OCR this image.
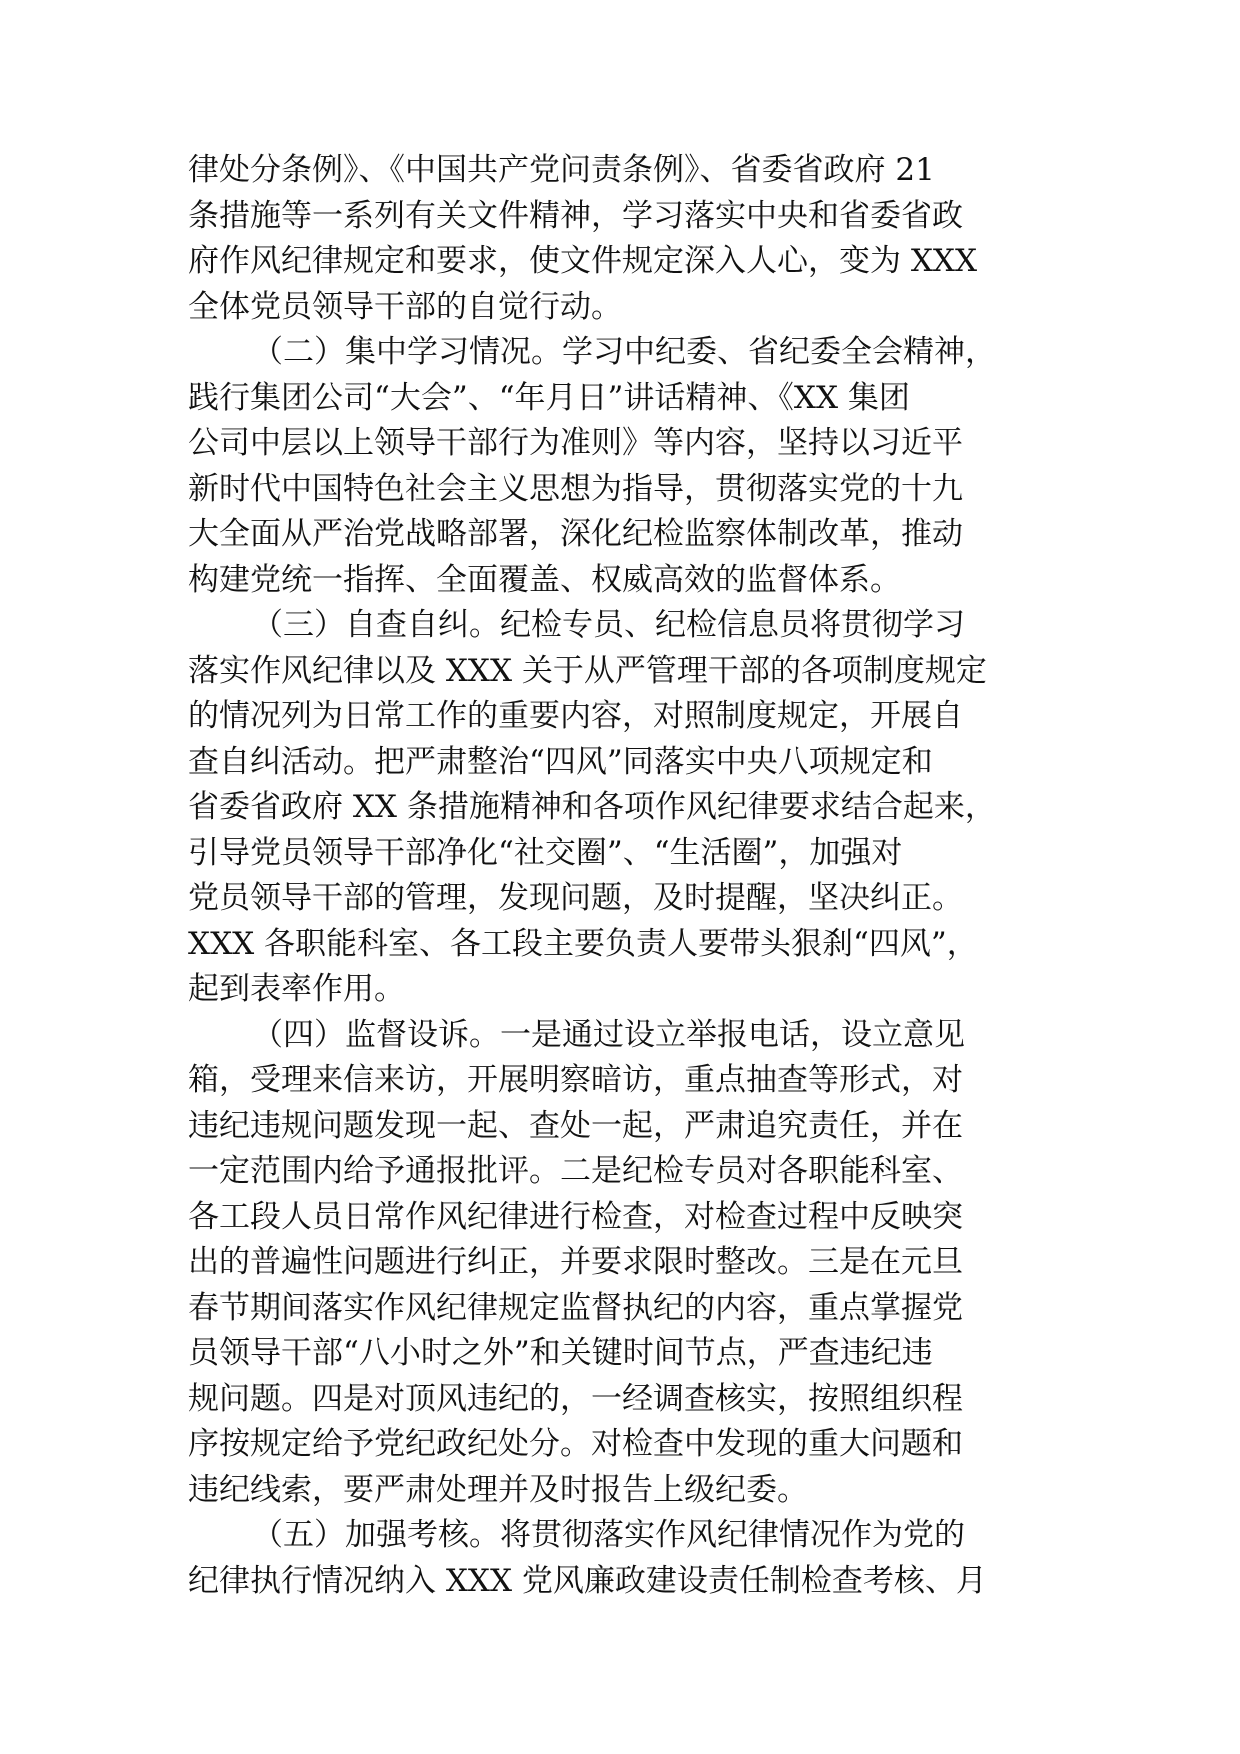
律处分条例》、《中国共产党问责条例》、省委省政府 21
条措施等一系列有关文件精神，学习落实中央和省委省政
府作风纪律规定和要求，使文件规定深入人心，变为 XXX
全体党员领导干部的自觉行动。
（二）集中学习情况。学习中纪委、省纪委全会精神，
践行集团公司“大会”、“年月日”讲话精神、《XX 集团
公司中层以上领导干部行为准则》等内容，坚持以习近平
新时代中国特色社会主义思想为指导，贯彻落实党的十九
大全面从严治党战略部署，深化纪检监察体制改革，推动
构建党统一指挥、全面覆盖、权威高效的监督体系。
（三）自查自纠。纪检专员、纪检信息员将贯彻学习
落实作风纪律以及 XXX 关于从严管理干部的各项制度规定
的情况列为日常工作的重要内容，对照制度规定，开展自
查自纠活动。把严肃整治“四风”同落实中央八项规定和
省委省政府 XX 条措施精神和各项作风纪律要求结合起来，
引导党员领导干部净化“社交圈”、“生活圈”，加强对
党员领导干部的管理，发现问题，及时提醒，坚决纠正。
XXX 各职能科室、各工段主要负责人要带头狠刹“四风”，
起到表率作用。
（四）监督设诉。一是通过设立举报电话，设立意见
箱，受理来信来访，开展明察暗访，重点抽查等形式，对
违纪违规问题发现一起、查处一起，严肃追究责任，并在
一定范围内给予通报批评。二是纪检专员对各职能科室、
各工段人员日常作风纪律进行检查，对检查过程中反映突
出的普遍性问题进行纠正，并要求限时整改。三是在元旦
春节期间落实作风纪律规定监督执纪的内容，重点掌握党
员领导干部“八小时之外”和关键时间节点，严查违纪违
规问题。四是对顶风违纪的，一经调查核实，按照组织程
序按规定给予党纪政纪处分。对检查中发现的重大问题和
违纪线索，要严肃处理并及时报告上级纪委。
（五）加强考核。将贯彻落实作风纪律情况作为党的
纪律执行情况纳入 XXX 党风廉政建设责任制检查考核、月
